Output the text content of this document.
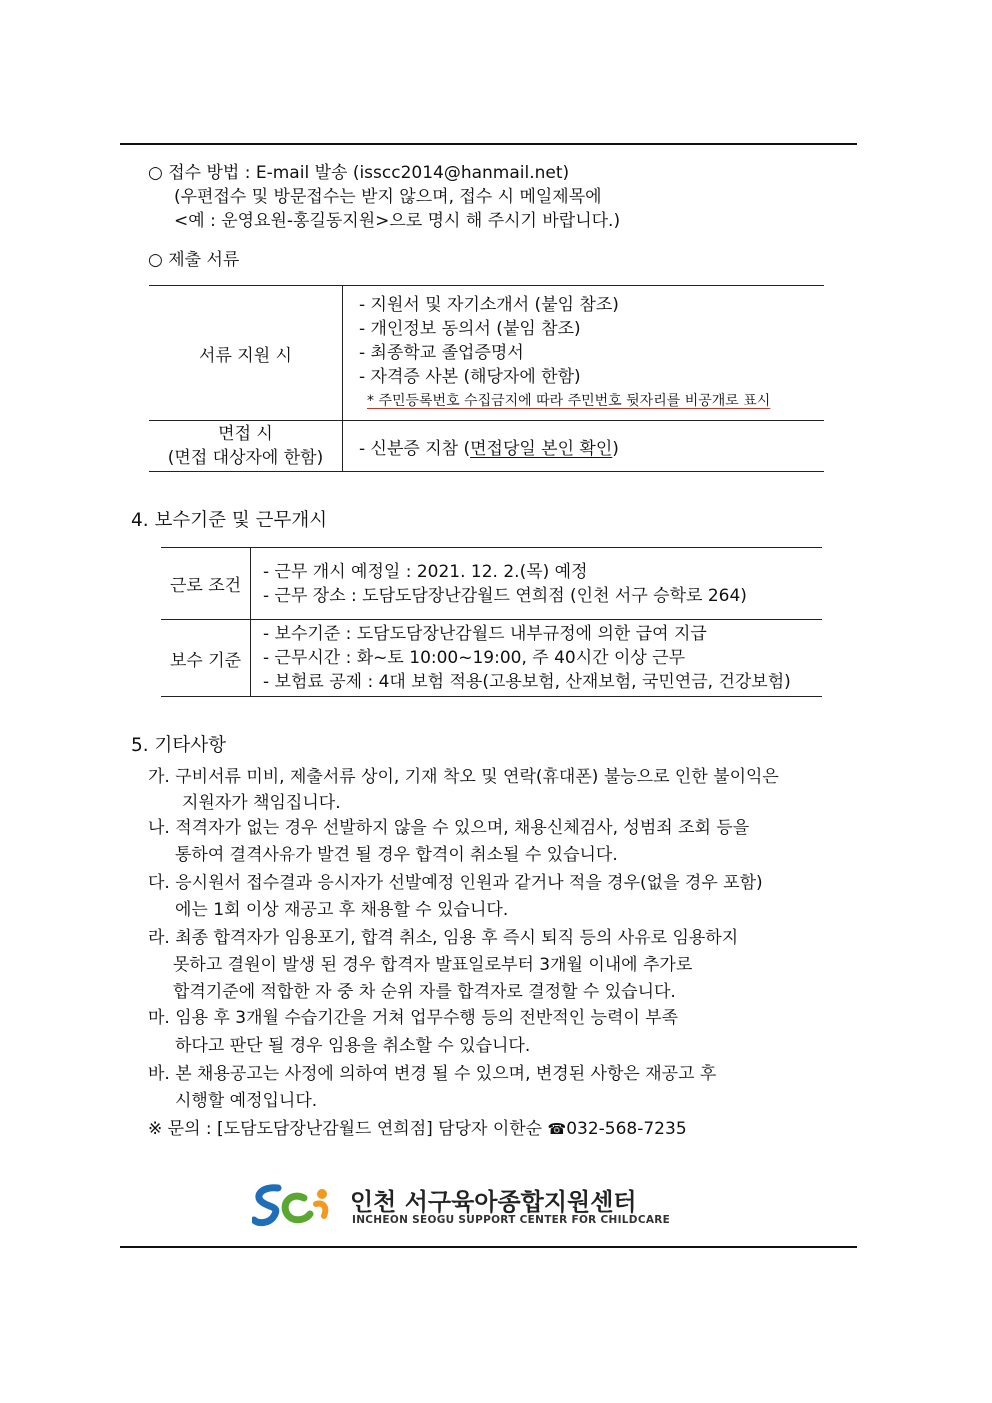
○ 접수 방법 : E-mail 발송 (isscc2014@hanmail.net)
(우편접수 및 방문접수는 받지 않으며, 접수 시 메일제목에
<예 : 운영요원-홍길동지원>으로 명시 해 주시기 바랍니다.)
○ 제출 서류
서류 지원 시	- 지원서 및 자기소개서 (붙임 참조)
- 개인정보 동의서 (붙임 참조)
- 최종학교 졸업증명서
- 자격증 사본 (해당자에 한함)
* 주민등록번호 수집금지에 따라 주민번호 뒷자리를 비공개로 표시

면접 시
(면접 대상자에 한함)	- 신분증 지참 (면접당일 본인 확인)
4. 보수기준 및 근무개시
근로 조건	- 근무 개시 예정일 : 2021. 12. 2.(목) 예정
- 근무 장소 : 도담도담장난감월드 연희점 (인천 서구 승학로 264)

보수 기준	- 보수기준 : 도담도담장난감월드 내부규정에 의한 급여 지급
- 근무시간 : 화~토 10:00~19:00, 주 40시간 이상 근무
- 보험료 공제 : 4대 보험 적용(고용보험, 산재보험, 국민연금, 건강보험)
5. 기타사항
가. 구비서류 미비, 제출서류 상이, 기재 착오 및 연락(휴대폰) 불능으로 인한 불이익은
지원자가 책임집니다.
나. 적격자가 없는 경우 선발하지 않을 수 있으며, 채용신체검사, 성범죄 조회 등을
통하여 결격사유가 발견 될 경우 합격이 취소될 수 있습니다.
다. 응시원서 접수결과 응시자가 선발예정 인원과 같거나 적을 경우(없을 경우 포함)
에는 1회 이상 재공고 후 채용할 수 있습니다.
라. 최종 합격자가 임용포기, 합격 취소, 임용 후 즉시 퇴직 등의 사유로 임용하지
못하고 결원이 발생 된 경우 합격자 발표일로부터 3개월 이내에 추가로
합격기준에 적합한 자 중 차 순위 자를 합격자로 결정할 수 있습니다.
마. 임용 후 3개월 수습기간을 거쳐 업무수행 등의 전반적인 능력이 부족
하다고 판단 될 경우 임용을 취소할 수 있습니다.
바. 본 채용공고는 사정에 의하여 변경 될 수 있으며, 변경된 사항은 재공고 후
시행할 예정입니다.
※ 문의 : [도담도담장난감월드 연희점] 담당자 이한순 ☎032-568-7235
인천 서구육아종합지원센터
INCHEON SEOGU SUPPORT CENTER FOR CHILDCARE
